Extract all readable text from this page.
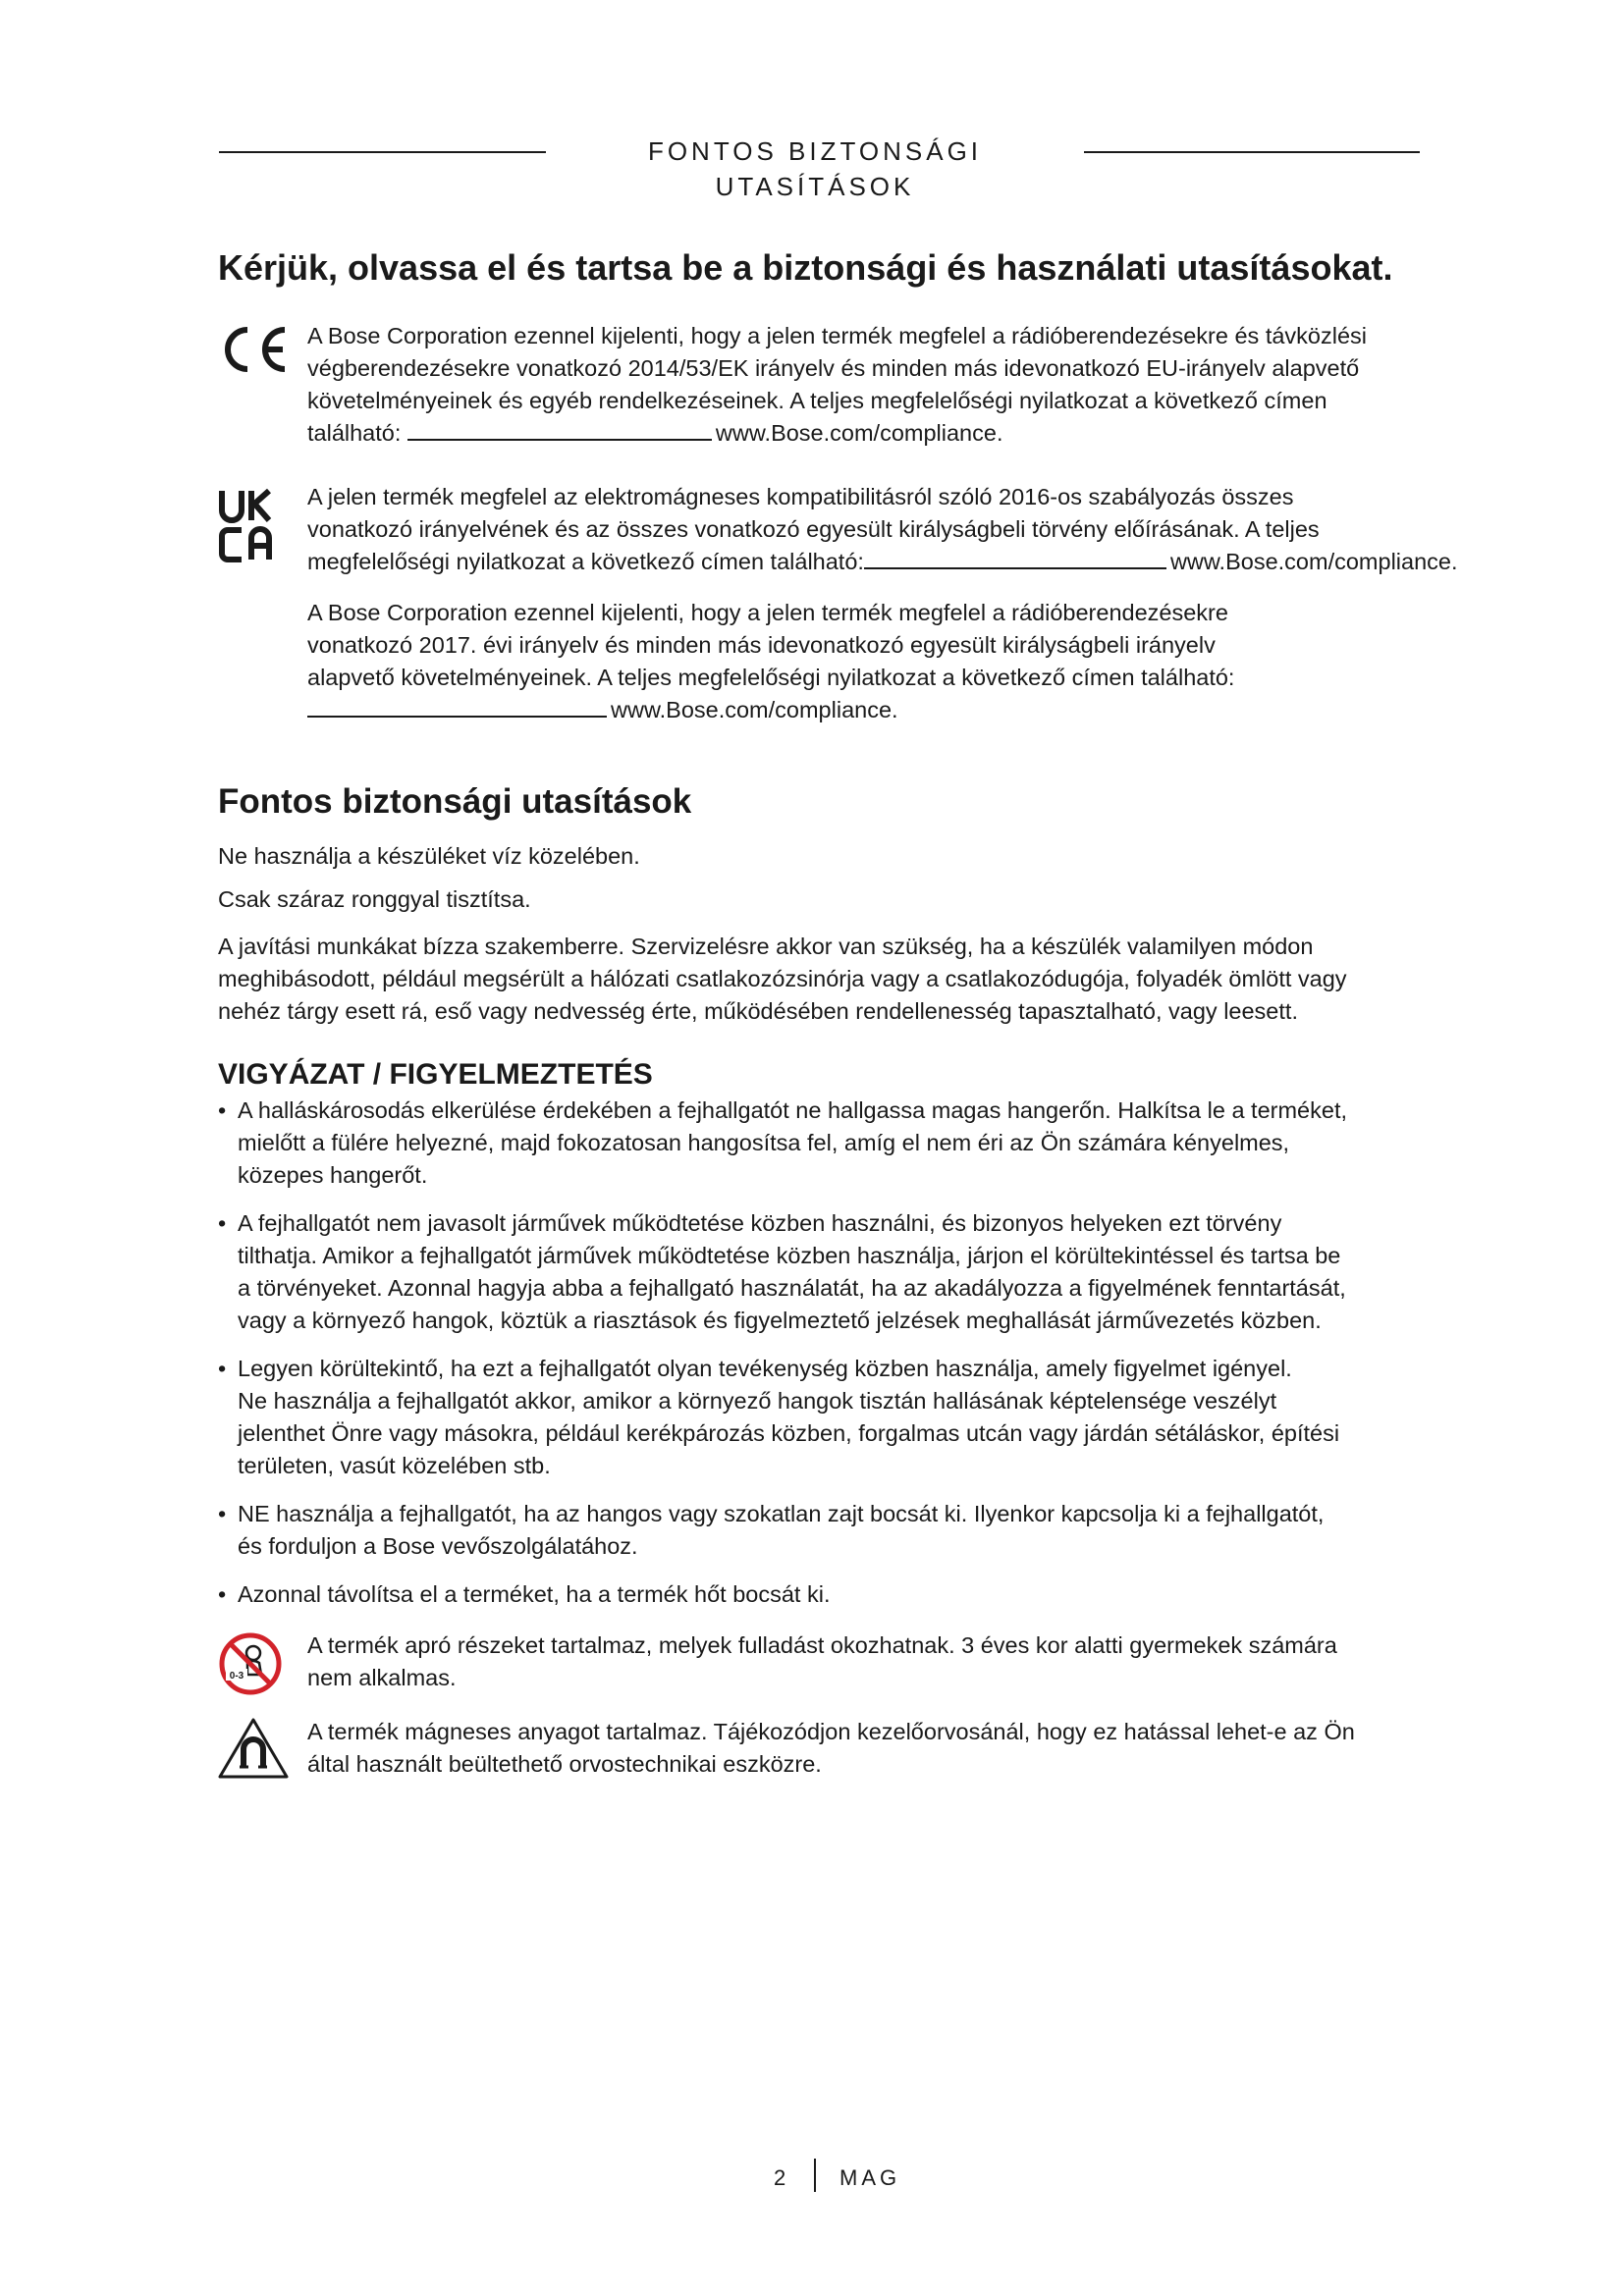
FONTOS BIZTONSÁGI UTASÍTÁSOK
Kérjük, olvassa el és tartsa be a biztonsági és használati utasításokat.
A Bose Corporation ezennel kijelenti, hogy a jelen termék megfelel a rádióberendezésekre és távközlési
végberendezésekre vonatkozó 2014/53/EK irányelv és minden más idevonatkozó EU-irányelv alapvető
követelményeinek és egyéb rendelkezéseinek. A teljes megfelelőségi nyilatkozat a következő címen
található:	www.Bose.com/compliance.
A jelen termék megfelel az elektromágneses kompatibilitásról szóló 2016-os szabályozás összes
vonatkozó irányelvének és az összes vonatkozó egyesült királyságbeli törvény előírásának. A teljes
megfelelőségi nyilatkozat a következő címen található:	www.Bose.com/compliance.
A Bose Corporation ezennel kijelenti, hogy a jelen termék megfelel a rádióberendezésekre
vonatkozó 2017. évi irányelv és minden más idevonatkozó egyesült királyságbeli irányelv
alapvető követelményeinek. A teljes megfelelőségi nyilatkozat a következő címen található:
www.Bose.com/compliance.
Fontos biztonsági utasítások
Ne használja a készüléket víz közelében.
Csak száraz ronggyal tisztítsa.
A javítási munkákat bízza szakemberre. Szervizelésre akkor van szükség, ha a készülék valamilyen módon
meghibásodott, például megsérült a hálózati csatlakozózsinórja vagy a csatlakozódugója, folyadék ömlött vagy
nehéz tárgy esett rá, eső vagy nedvesség érte, működésében rendellenesség tapasztalható, vagy leesett.
VIGYÁZAT / FIGYELMEZTETÉS
• A halláskárosodás elkerülése érdekében a fejhallgatót ne hallgassa magas hangerőn. Halkítsa le a terméket,
mielőtt a fülére helyezné, majd fokozatosan hangosítsa fel, amíg el nem éri az Ön számára kényelmes,
közepes hangerőt.
• A fejhallgatót nem javasolt járművek működtetése közben használni, és bizonyos helyeken ezt törvény
tilthatja. Amikor a fejhallgatót járművek működtetése közben használja, járjon el körültekintéssel és tartsa be
a törvényeket. Azonnal hagyja abba a fejhallgató használatát, ha az akadályozza a figyelmének fenntartását,
vagy a környező hangok, köztük a riasztások és figyelmeztető jelzések meghallását járművezetés közben.
• Legyen körültekintő, ha ezt a fejhallgatót olyan tevékenység közben használja, amely figyelmet igényel.
Ne használja a fejhallgatót akkor, amikor a környező hangok tisztán hallásának képtelensége veszélyt
jelenthet Önre vagy másokra, például kerékpározás közben, forgalmas utcán vagy járdán sétáláskor, építési
területen, vasút közelében stb.
• NE használja a fejhallgatót, ha az hangos vagy szokatlan zajt bocsát ki. Ilyenkor kapcsolja ki a fejhallgatót,
és forduljon a Bose vevőszolgálatához.
• Azonnal távolítsa el a terméket, ha a termék hőt bocsát ki.
0-3
A termék apró részeket tartalmaz, melyek fulladást okozhatnak. 3 éves kor alatti gyermekek számára
nem alkalmas.
A termék mágneses anyagot tartalmaz. Tájékozódjon kezelőorvosánál, hogy ez hatással lehet-e az Ön
által használt beültethető orvostechnikai eszközre.
2 MAG
